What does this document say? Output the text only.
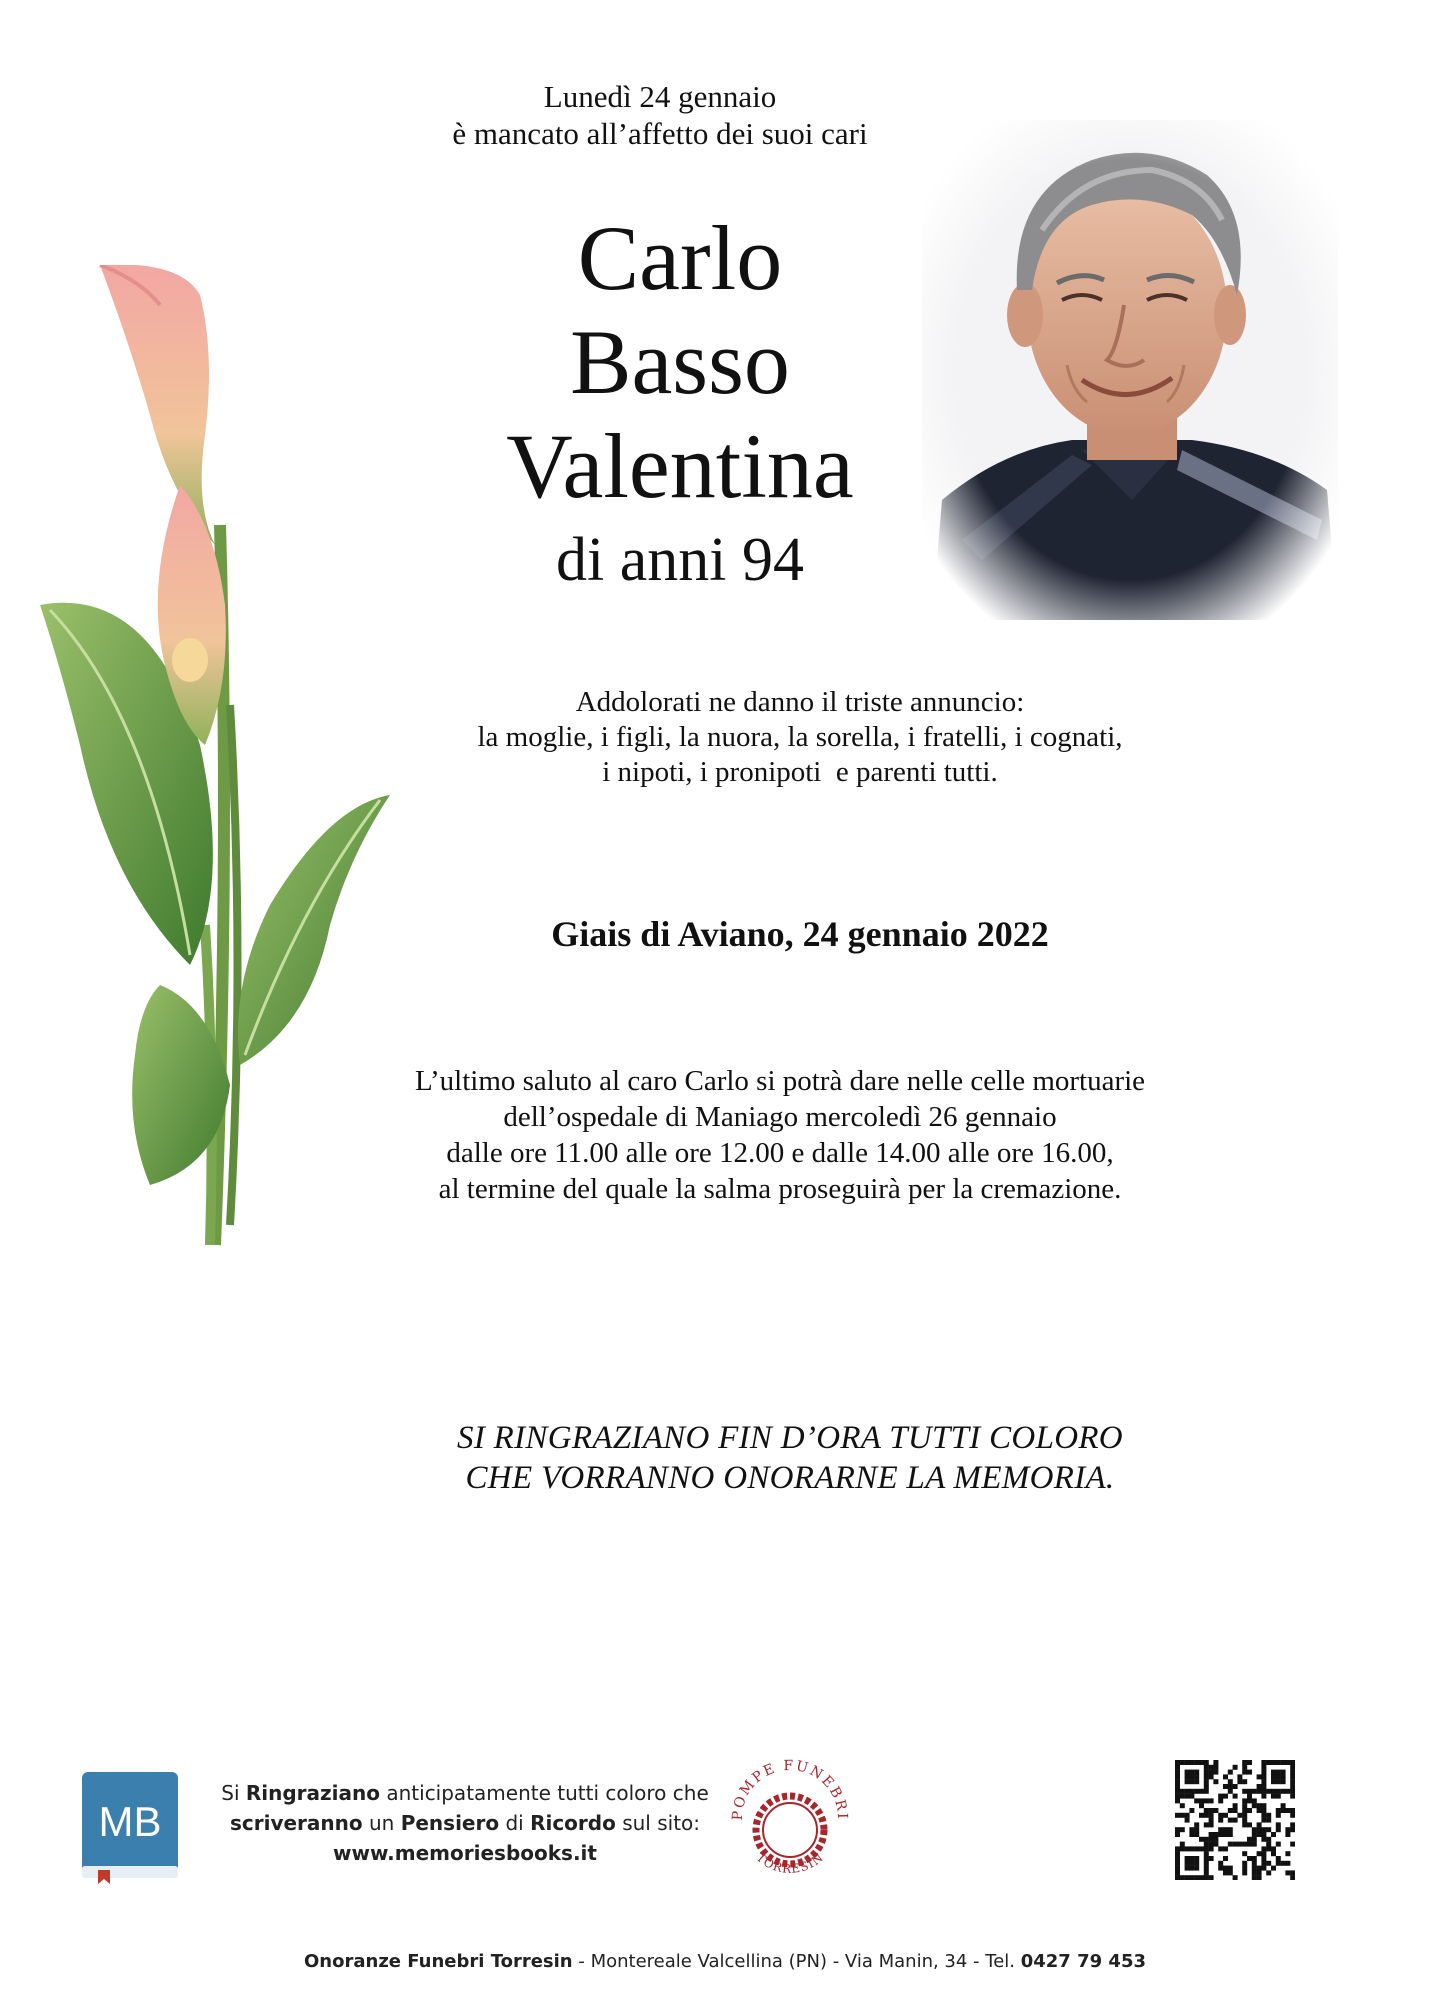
Lunedì 24 gennaio
è mancato all’affetto dei suoi cari
Carlo
Basso
Valentina
di anni 94
Addolorati ne danno il triste annuncio:
la moglie, i figli, la nuora, la sorella, i fratelli, i cognati,
i nipoti, i pronipoti  e parenti tutti.
Giais di Aviano, 24 gennaio 2022
L’ultimo saluto al caro Carlo si potrà dare nelle celle mortuarie
dell’ospedale di Maniago mercoledì 26 gennaio
dalle ore 11.00 alle ore 12.00 e dalle 14.00 alle ore 16.00,
al termine del quale la salma proseguirà per la cremazione.
SI RINGRAZIANO FIN D’ORA TUTTI COLORO
CHE VORRANNO ONORARNE LA MEMORIA.
MB
Si Ringraziano anticipatamente tutti coloro che
scriveranno un Pensiero di Ricordo sul sito:
www.memoriesbooks.it
POMPE FUNEBRI
TORRESIN
Onoranze Funebri Torresin - Montereale Valcellina (PN) - Via Manin, 34 - Tel. 0427 79 453
